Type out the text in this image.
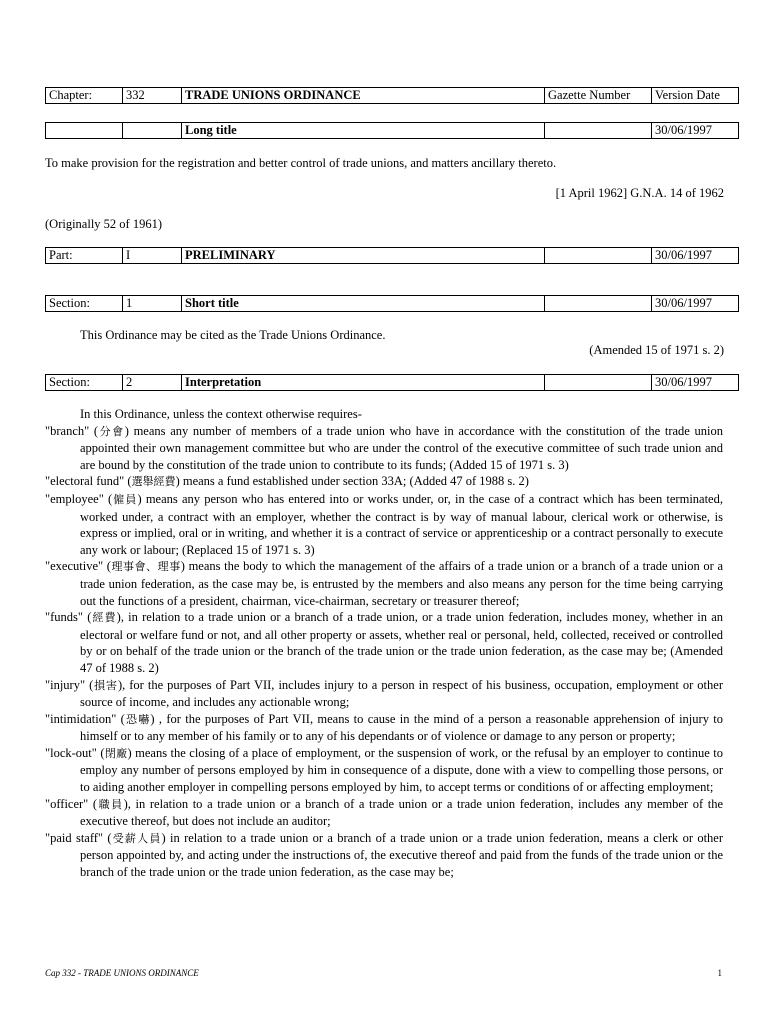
Chapter:	332	TRADE UNIONS ORDINANCE	Gazette Number	Version Date
		Long title		30/06/1997
To make provision for the registration and better control of trade unions, and matters ancillary thereto.
[1 April 1962] G.N.A. 14 of 1962
(Originally 52 of 1961)
Part:	I	PRELIMINARY		30/06/1997
Section:	1	Short title		30/06/1997
This Ordinance may be cited as the Trade Unions Ordinance.
(Amended 15 of 1971 s. 2)
Section:	2	Interpretation		30/06/1997

In this Ordinance, unless the context otherwise requires-

"branch" (分會) means any number of members of a trade union who have in accordance with the constitution of the trade union appointed their own management committee but who are under the control of the executive committee of such trade union and are bound by the constitution of the trade union to contribute to its funds; (Added 15 of 1971 s. 3)

"electoral fund" (選舉經費) means a fund established under section 33A; (Added 47 of 1988 s. 2)

"employee" (僱員) means any person who has entered into or works under, or, in the case of a contract which has been terminated, worked under, a contract with an employer, whether the contract is by way of manual labour, clerical work or otherwise, is express or implied, oral or in writing, and whether it is a contract of service or apprenticeship or a contract personally to execute any work or labour; (Replaced 15 of 1971 s. 3)

"executive" (理事會、理事) means the body to which the management of the affairs of a trade union or a branch of a trade union or a trade union federation, as the case may be, is entrusted by the members and also means any person for the time being carrying out the functions of a president, chairman, vice-chairman, secretary or treasurer thereof;

"funds" (經費), in relation to a trade union or a branch of a trade union, or a trade union federation, includes money, whether in an electoral or welfare fund or not, and all other property or assets, whether real or personal, held, collected, received or controlled by or on behalf of the trade union or the branch of the trade union or the trade union federation, as the case may be; (Amended 47 of 1988 s. 2)

"injury" (損害), for the purposes of Part VII, includes injury to a person in respect of his business, occupation, employment or other source of income, and includes any actionable wrong;

"intimidation" (恐嚇) , for the purposes of Part VII, means to cause in the mind of a person a reasonable apprehension of injury to himself or to any member of his family or to any of his dependants or of violence or damage to any person or property;

"lock-out" (閉廠) means the closing of a place of employment, or the suspension of work, or the refusal by an employer to continue to employ any number of persons employed by him in consequence of a dispute, done with a view to compelling those persons, or to aiding another employer in compelling persons employed by him, to accept terms or conditions of or affecting employment;

"officer" (職員), in relation to a trade union or a branch of a trade union or a trade union federation, includes any member of the executive thereof, but does not include an auditor;

"paid staff" (受薪人員) in relation to a trade union or a branch of a trade union or a trade union federation, means a clerk or other person appointed by, and acting under the instructions of, the executive thereof and paid from the funds of the trade union or the branch of the trade union or the trade union federation, as the case may be;

Cap 332 - TRADE UNIONS ORDINANCE	1
